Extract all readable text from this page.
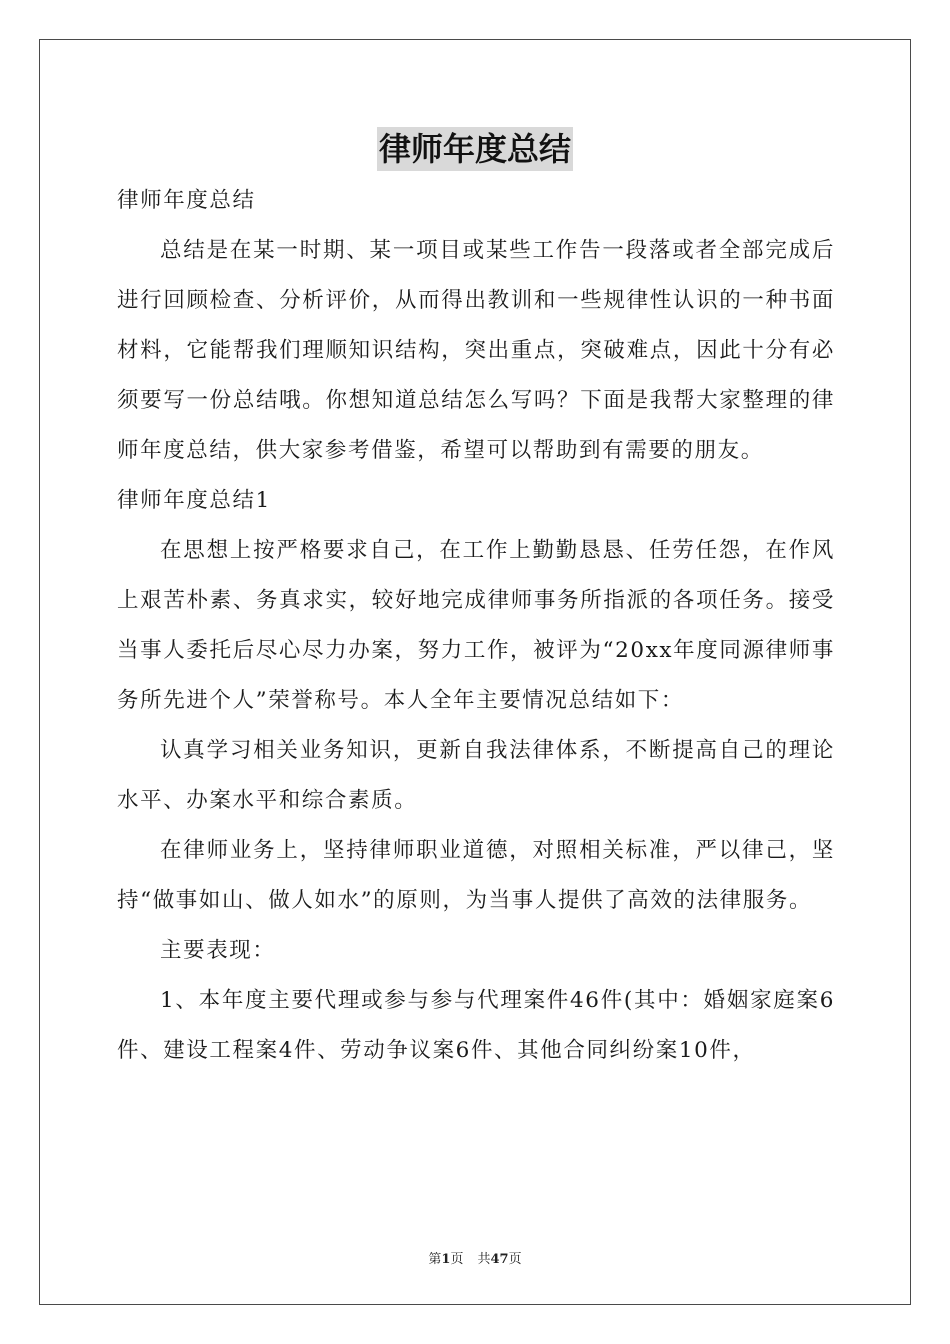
律师年度总结

律师年度总结

总结是在某一时期、某一项目或某些工作告一段落或者全部完成后进行回顾检查、分析评价，从而得出教训和一些规律性认识的一种书面材料，它能帮我们理顺知识结构，突出重点，突破难点，因此十分有必须要写一份总结哦。你想知道总结怎么写吗？下面是我帮大家整理的律师年度总结，供大家参考借鉴，希望可以帮助到有需要的朋友。

律师年度总结1

在思想上按严格要求自己，在工作上勤勤恳恳、任劳任怨，在作风上艰苦朴素、务真求实，较好地完成律师事务所指派的各项任务。接受当事人委托后尽心尽力办案，努力工作，被评为“20xx年度同源律师事务所先进个人”荣誉称号。本人全年主要情况总结如下：

认真学习相关业务知识，更新自我法律体系，不断提高自己的理论水平、办案水平和综合素质。

在律师业务上，坚持律师职业道德，对照相关标准，严以律己，坚持“做事如山、做人如水”的原则，为当事人提供了高效的法律服务。

主要表现：

1、本年度主要代理或参与参与代理案件46件(其中：婚姻家庭案6件、建设工程案4件、劳动争议案6件、其他合同纠纷案10件，

第1页 共47页
